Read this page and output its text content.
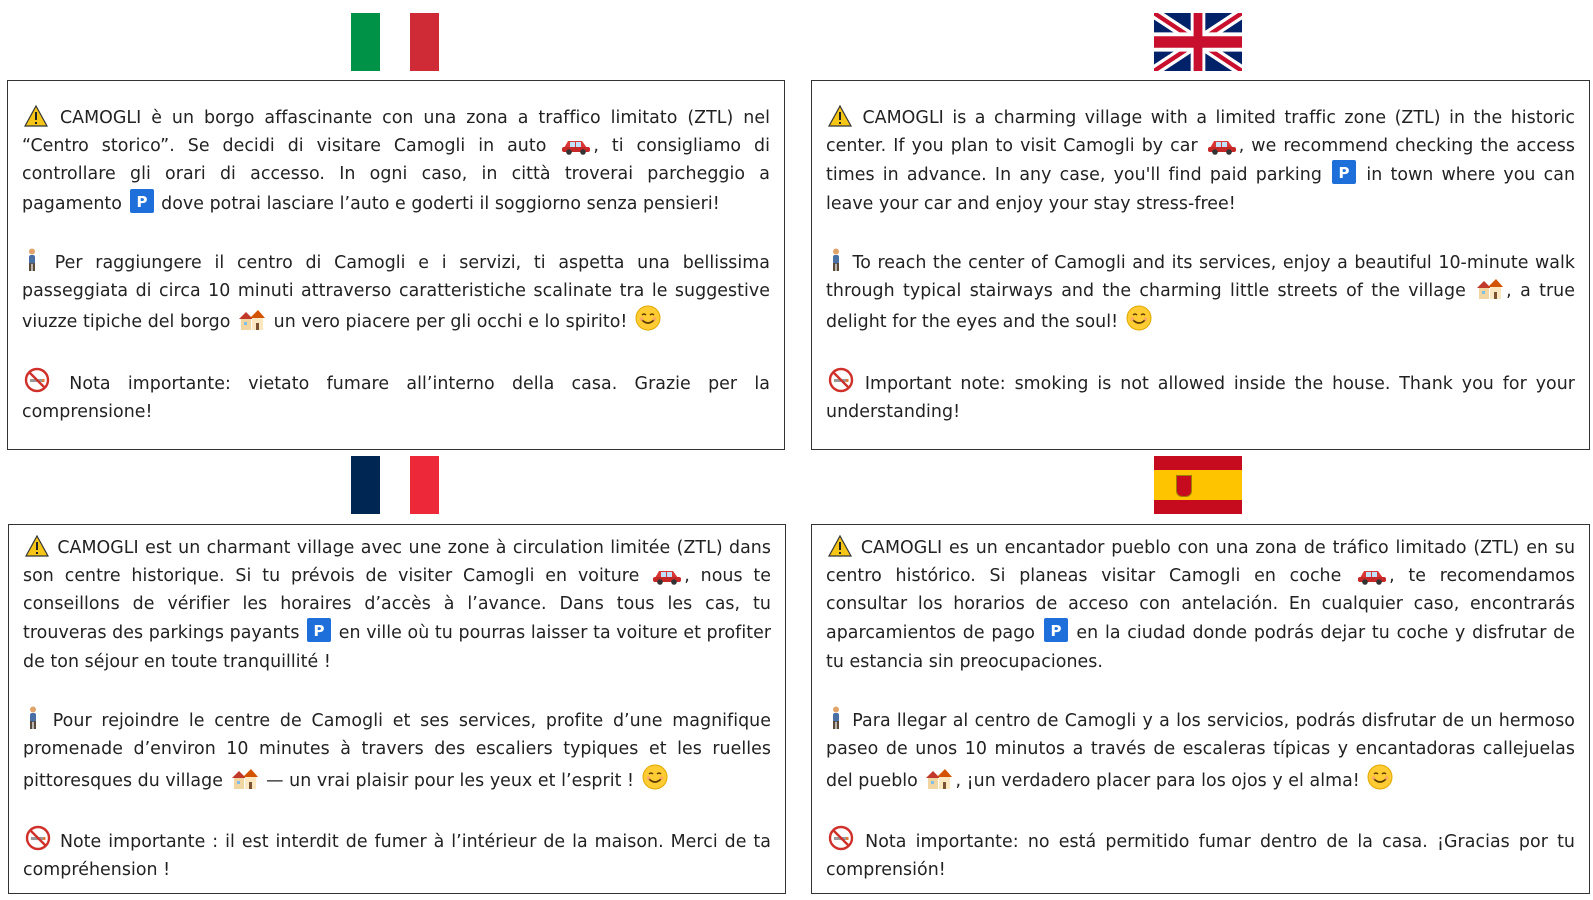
CAMOGLI è un borgo affascinante con una zona a traffico limitato (ZTL) nel “Centro storico”. Se decidi di visitare Camogli in auto	, ti consigliamo di controllare gli orari di accesso. In ogni caso, in città troverai parcheggio a pagamento P dove potrai lasciare l’auto e goderti il soggiorno senza pensieri!

Per raggiungere il centro di Camogli e i servizi, ti aspetta una bellissima passeggiata di circa 10 minuti attraverso caratteristiche scalinate tra le suggestive viuzze tipiche del borgo un vero piacere per gli occhi e lo spirito!

Nota importante: vietato fumare all’interno della casa. Grazie per la comprensione!

CAMOGLI is a charming village with a limited traffic zone (ZTL) in the historic center. If you plan to visit Camogli by car , we recommend checking the access times in advance. In any case, you'll find paid parking P in town where you can leave your car and enjoy your stay stress-free!

To reach the center of Camogli and its services, enjoy a beautiful 10-minute walk through typical stairways and the charming little streets of the village , a true delight for the eyes and the soul!

Important note: smoking is not allowed inside the house. Thank you for your understanding!

CAMOGLI est un charmant village avec une zone à circulation limitée (ZTL) dans son centre historique. Si tu prévois de visiter Camogli en voiture	, nous te conseillons de vérifier les horaires d’accès à l’avance. Dans tous les cas, tu trouveras des parkings payants P en ville où tu pourras laisser ta voiture et profiter de ton séjour en toute tranquillité !

Pour rejoindre le centre de Camogli et ses services, profite d’une magnifique promenade d’environ 10 minutes à travers des escaliers typiques et les ruelles pittoresques du village — un vrai plaisir pour les yeux et l’esprit !

Note importante : il est interdit de fumer à l’intérieur de la maison. Merci de ta compréhension !

CAMOGLI es un encantador pueblo con una zona de tráfico limitado (ZTL) en su centro histórico. Si planeas visitar Camogli en coche	, te recomendamos consultar los horarios de acceso con antelación. En cualquier caso, encontrarás aparcamientos de pago P en la ciudad donde podrás dejar tu coche y disfrutar de tu estancia sin preocupaciones.

Para llegar al centro de Camogli y a los servicios, podrás disfrutar de un hermoso paseo de unos 10 minutos a través de escaleras típicas y encantadoras callejuelas del pueblo , ¡un verdadero placer para los ojos y el alma!

Nota importante: no está permitido fumar dentro de la casa. ¡Gracias por tu comprensión!
